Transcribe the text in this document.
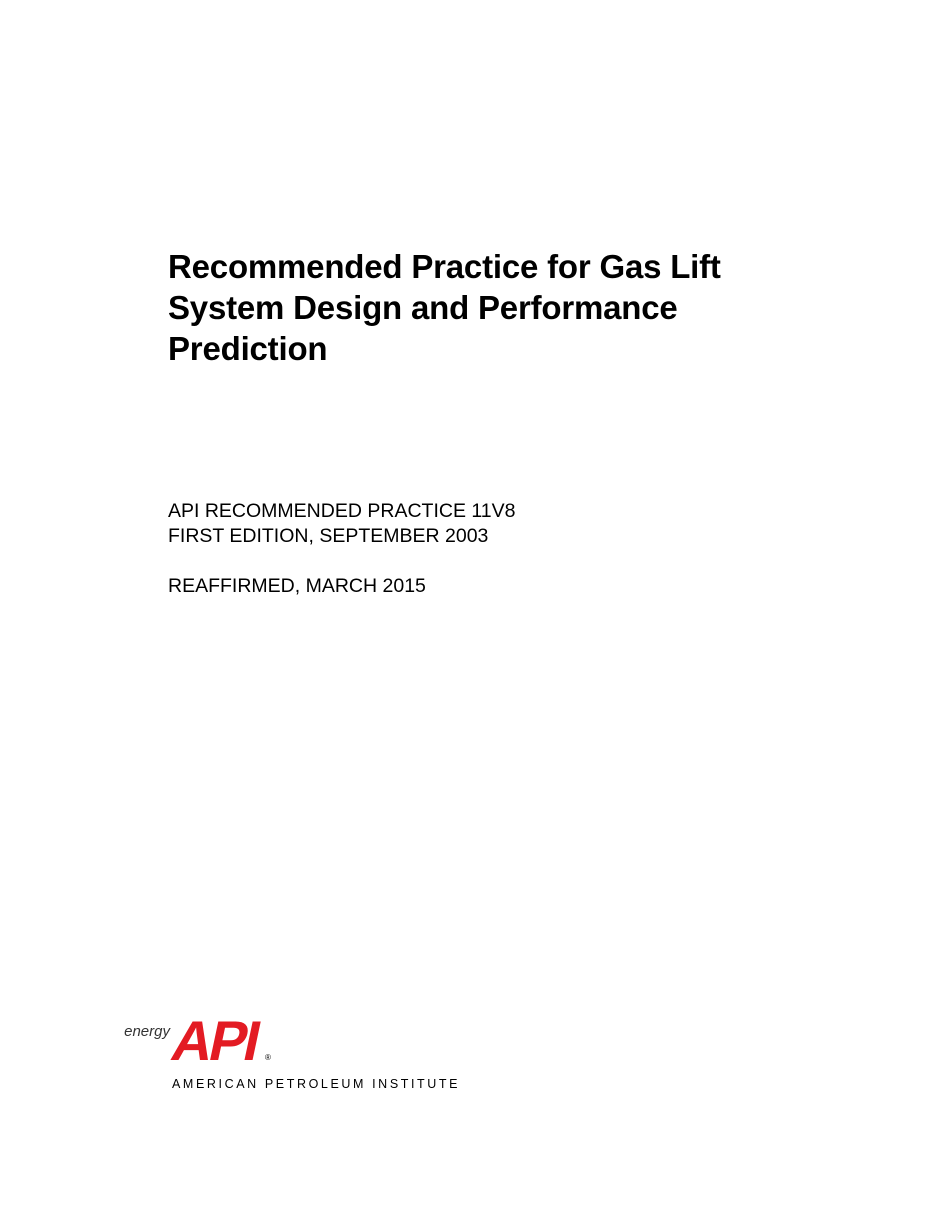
Recommended Practice for Gas Lift
System Design and Performance
Prediction
API RECOMMENDED PRACTICE 11V8
FIRST EDITION, SEPTEMBER 2003
REAFFIRMED, MARCH 2015
energy
API ®
AMERICAN PETROLEUM INSTITUTE
